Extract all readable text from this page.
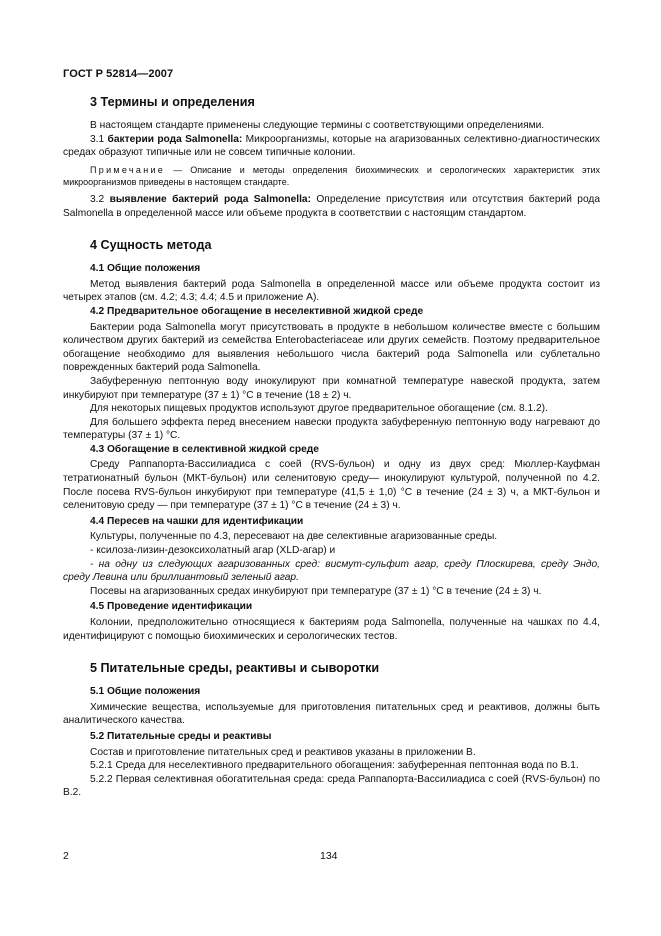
ГОСТ Р 52814—2007
3 Термины и определения

В настоящем стандарте применены следующие термины с соответствующими определениями.

3.1 бактерии рода Salmonella: Микроорганизмы, которые на агаризованных селективно-диагностических средах образуют типичные или не совсем типичные колонии.

Примечание — Описание и методы определения биохимических и серологических характеристик этих микроорганизмов приведены в настоящем стандарте.

3.2 выявление бактерий рода Salmonella: Определение присутствия или отсутствия бактерий рода Salmonella в определенной массе или объеме продукта в соответствии с настоящим стандартом.

4 Сущность метода
4.1 Общие положения

Метод выявления бактерий рода Salmonella в определенной массе или объеме продукта состоит из четырех этапов (см. 4.2; 4.3; 4.4; 4.5 и приложение А).

4.2 Предварительное обогащение в неселективной жидкой среде

Бактерии рода Salmonella могут присутствовать в продукте в небольшом количестве вместе с большим количеством других бактерий из семейства Enterobacteriaceae или других семейств. Поэтому предварительное обогащение необходимо для выявления небольшого числа бактерий рода Salmonella или сублетально поврежденных бактерий рода Salmonella.

Забуференную пептонную воду инокулируют при комнатной температуре навеской продукта, затем инкубируют при температуре (37 ± 1) °С в течение (18 ± 2) ч.

Для некоторых пищевых продуктов используют другое предварительное обогащение (см. 8.1.2).

Для большего эффекта перед внесением навески продукта забуференную пептонную воду нагревают до температуры (37 ± 1) °С.

4.3 Обогащение в селективной жидкой среде

Среду Раппапорта-Вассилиадиса с соей (RVS-бульон) и одну из двух сред: Мюллер-Кауфман тетратионатный бульон (МКТ-бульон) или селенитовую среду— инокулируют культурой, полученной по 4.2. После посева RVS-бульон инкубируют при температуре (41,5 ± 1,0) °С в течение (24 ± 3) ч, а МКТ-бульон и селенитовую среду — при температуре (37 ± 1) °С в течение (24 ± 3) ч.

4.4 Пересев на чашки для идентификации

Культуры, полученные по 4.3, пересевают на две селективные агаризованные среды.

- ксилоза-лизин-дезоксихолатный агар (XLD-агар) и

- на одну из следующих агаризованных сред: висмут-сульфит агар, среду Плоскирева, среду Эндо, среду Левина или бриллиантовый зеленый агар.

Посевы на агаризованных средах инкубируют при температуре (37 ± 1) °С в течение (24 ± 3) ч.

4.5 Проведение идентификации

Колонии, предположительно относящиеся к бактериям рода Salmonella, полученные на чашках по 4.4, идентифицируют с помощью биохимических и серологических тестов.

5 Питательные среды, реактивы и сыворотки
5.1 Общие положения

Химические вещества, используемые для приготовления питательных сред и реактивов, должны быть аналитического качества.

5.2 Питательные среды и реактивы

Состав и приготовление питательных сред и реактивов указаны в приложении В.

5.2.1 Среда для неселективного предварительного обогащения: забуференная пептонная вода по В.1.

5.2.2 Первая селективная обогатительная среда: среда Раппапорта-Вассилиадиса с соей (RVS-бульон) по В.2.

2	134
